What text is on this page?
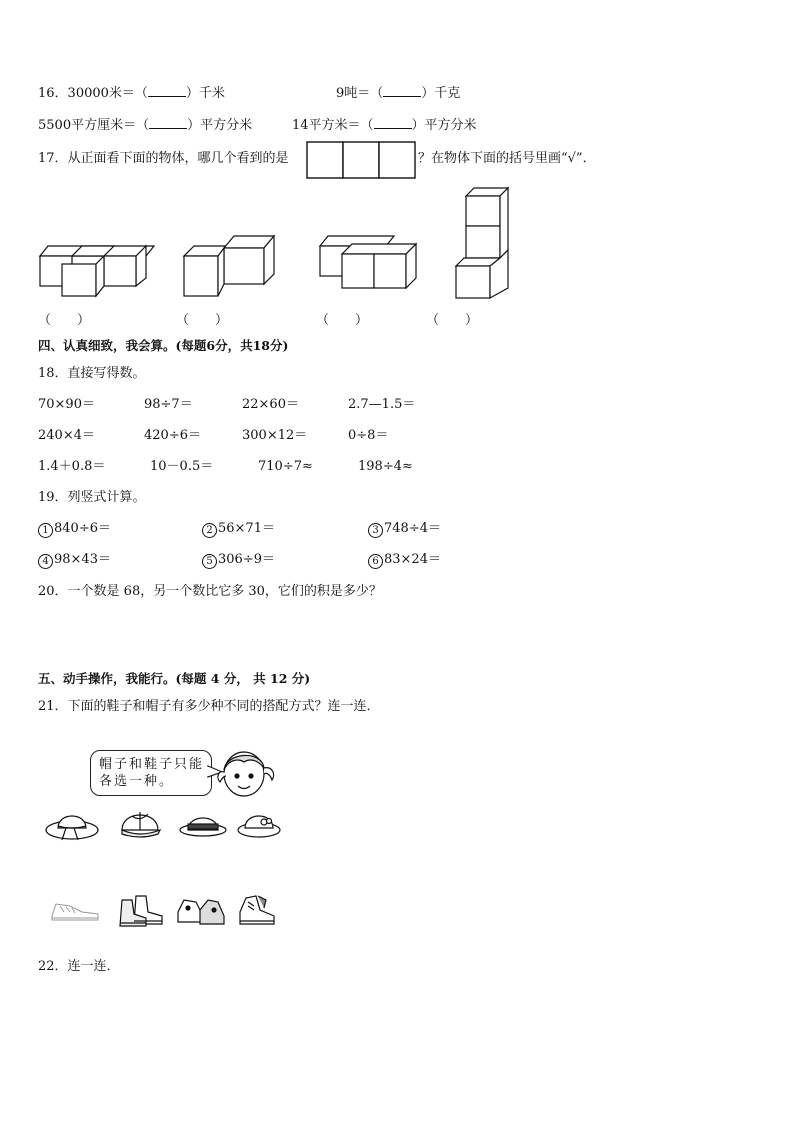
16．30000米＝（	）千米	9吨＝（	）千克
5500平方厘米＝（	）平方分米	14平方米＝（	）平方分米
17．从正面看下面的物体，哪几个看到的是	？在物体下面的括号里画“√”．
（　　）	（　　）	（　　）	（　　）
四、认真细致，我会算。(每题6分，共18分)
18．直接写得数。
70×90＝	98÷7＝	22×60＝	2.7—1.5＝
240×4＝	420÷6＝	300×12＝	0÷8＝
1.4＋0.8＝	10－0.5＝	710÷7≈	198÷4≈
19．列竖式计算。
1 840÷6＝	2 56×71＝	3 748÷4＝
4 98×43＝	5 306÷9＝	6 83×24＝
20．一个数是 68，另一个数比它多 30，它们的积是多少？
五、动手操作，我能行。(每题 4 分， 共 12 分)
21．下面的鞋子和帽子有多少种不同的搭配方式？连一连．
帽子和鞋子只能
各选一种。
22．连一连．
